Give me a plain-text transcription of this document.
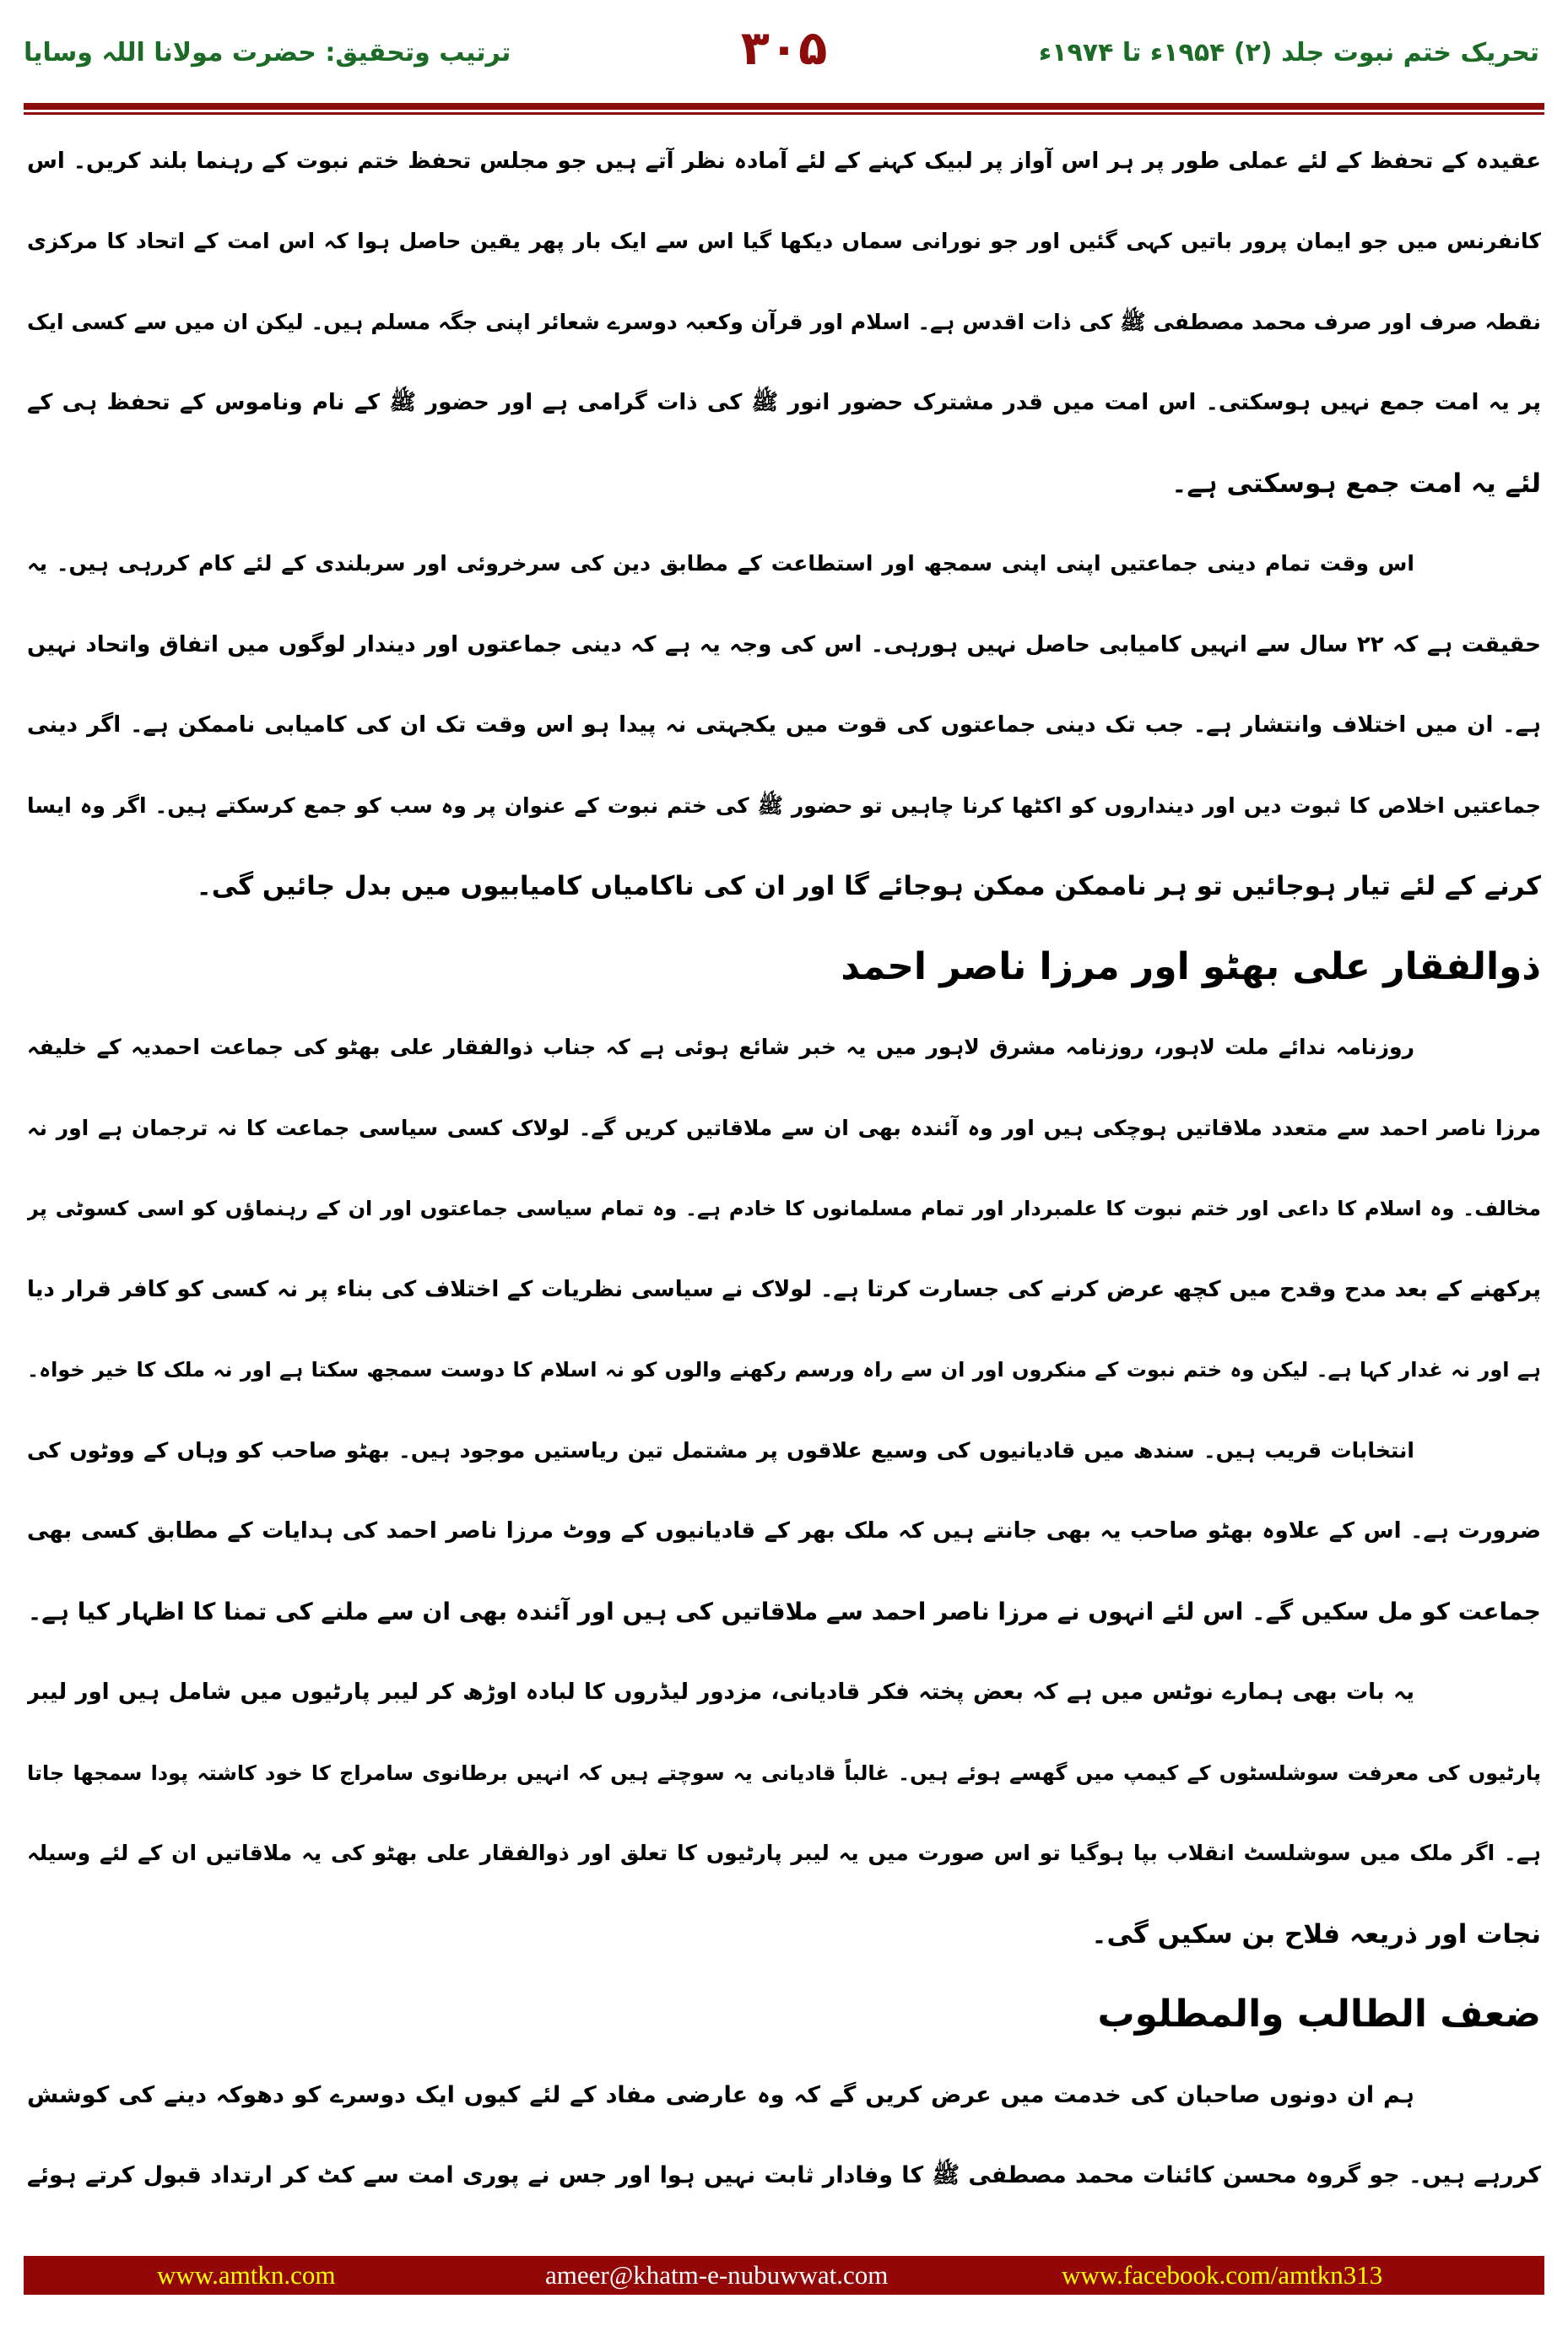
تحریک ختم نبوت جلد (۲) ۱۹۵۴ء تا ۱۹۷۴ء
۳۰۵
ترتیب وتحقیق: حضرت مولانا اللہ وسایا
عقیدہ کے تحفظ کے لئے عملی طور پر ہر اس آواز پر لبیک کہنے کے لئے آمادہ نظر آتے ہیں جو مجلس تحفظ ختم نبوت کے رہنما بلند کریں۔ اس
کانفرنس میں جو ایمان پرور باتیں کہی گئیں اور جو نورانی سماں دیکھا گیا اس سے ایک بار پھر یقین حاصل ہوا کہ اس امت کے اتحاد کا مرکزی
نقطہ صرف اور صرف محمد مصطفی ﷺ کی ذات اقدس ہے۔ اسلام اور قرآن وکعبہ دوسرے شعائر اپنی جگہ مسلم ہیں۔ لیکن ان میں سے کسی ایک
پر یہ امت جمع نہیں ہوسکتی۔ اس امت میں قدر مشترک حضور انور ﷺ کی ذات گرامی ہے اور حضور ﷺ کے نام وناموس کے تحفظ ہی کے
لئے یہ امت جمع ہوسکتی ہے۔
اس وقت تمام دینی جماعتیں اپنی اپنی سمجھ اور استطاعت کے مطابق دین کی سرخروئی اور سربلندی کے لئے کام کررہی ہیں۔ یہ
حقیقت ہے کہ ۲۲ سال سے انہیں کامیابی حاصل نہیں ہورہی۔ اس کی وجہ یہ ہے کہ دینی جماعتوں اور دیندار لوگوں میں اتفاق واتحاد نہیں
ہے۔ ان میں اختلاف وانتشار ہے۔ جب تک دینی جماعتوں کی قوت میں یکجہتی نہ پیدا ہو اس وقت تک ان کی کامیابی ناممکن ہے۔ اگر دینی
جماعتیں اخلاص کا ثبوت دیں اور دینداروں کو اکٹھا کرنا چاہیں تو حضور ﷺ کی ختم نبوت کے عنوان پر وہ سب کو جمع کرسکتے ہیں۔ اگر وہ ایسا
کرنے کے لئے تیار ہوجائیں تو ہر ناممکن ممکن ہوجائے گا اور ان کی ناکامیاں کامیابیوں میں بدل جائیں گی۔
ذوالفقار علی بھٹو اور مرزا ناصر احمد
روزنامہ ندائے ملت لاہور، روزنامہ مشرق لاہور میں یہ خبر شائع ہوئی ہے کہ جناب ذوالفقار علی بھٹو کی جماعت احمدیہ کے خلیفہ
مرزا ناصر احمد سے متعدد ملاقاتیں ہوچکی ہیں اور وہ آئندہ بھی ان سے ملاقاتیں کریں گے۔ لولاک کسی سیاسی جماعت کا نہ ترجمان ہے اور نہ
مخالف۔ وہ اسلام کا داعی اور ختم نبوت کا علمبردار اور تمام مسلمانوں کا خادم ہے۔ وہ تمام سیاسی جماعتوں اور ان کے رہنماؤں کو اسی کسوٹی پر
پرکھنے کے بعد مدح وقدح میں کچھ عرض کرنے کی جسارت کرتا ہے۔ لولاک نے سیاسی نظریات کے اختلاف کی بناء پر نہ کسی کو کافر قرار دیا
ہے اور نہ غدار کہا ہے۔ لیکن وہ ختم نبوت کے منکروں اور ان سے راہ ورسم رکھنے والوں کو نہ اسلام کا دوست سمجھ سکتا ہے اور نہ ملک کا خیر خواہ۔
انتخابات قریب ہیں۔ سندھ میں قادیانیوں کی وسیع علاقوں پر مشتمل تین ریاستیں موجود ہیں۔ بھٹو صاحب کو وہاں کے ووٹوں کی
ضرورت ہے۔ اس کے علاوہ بھٹو صاحب یہ بھی جانتے ہیں کہ ملک بھر کے قادیانیوں کے ووٹ مرزا ناصر احمد کی ہدایات کے مطابق کسی بھی
جماعت کو مل سکیں گے۔ اس لئے انہوں نے مرزا ناصر احمد سے ملاقاتیں کی ہیں اور آئندہ بھی ان سے ملنے کی تمنا کا اظہار کیا ہے۔
یہ بات بھی ہمارے نوٹس میں ہے کہ بعض پختہ فکر قادیانی، مزدور لیڈروں کا لبادہ اوڑھ کر لیبر پارٹیوں میں شامل ہیں اور لیبر
پارٹیوں کی معرفت سوشلسٹوں کے کیمپ میں گھسے ہوئے ہیں۔ غالباً قادیانی یہ سوچتے ہیں کہ انہیں برطانوی سامراج کا خود کاشتہ پودا سمجھا جاتا
ہے۔ اگر ملک میں سوشلسٹ انقلاب بپا ہوگیا تو اس صورت میں یہ لیبر پارٹیوں کا تعلق اور ذوالفقار علی بھٹو کی یہ ملاقاتیں ان کے لئے وسیلہ
نجات اور ذریعہ فلاح بن سکیں گی۔
ضعف الطالب والمطلوب
ہم ان دونوں صاحبان کی خدمت میں عرض کریں گے کہ وہ عارضی مفاد کے لئے کیوں ایک دوسرے کو دھوکہ دینے کی کوشش
کررہے ہیں۔ جو گروہ محسن کائنات محمد مصطفی ﷺ کا وفادار ثابت نہیں ہوا اور جس نے پوری امت سے کٹ کر ارتداد قبول کرتے ہوئے
www.amtkn.com	ameer@khatm-e-nubuwwat.com	www.facebook.com/amtkn313
